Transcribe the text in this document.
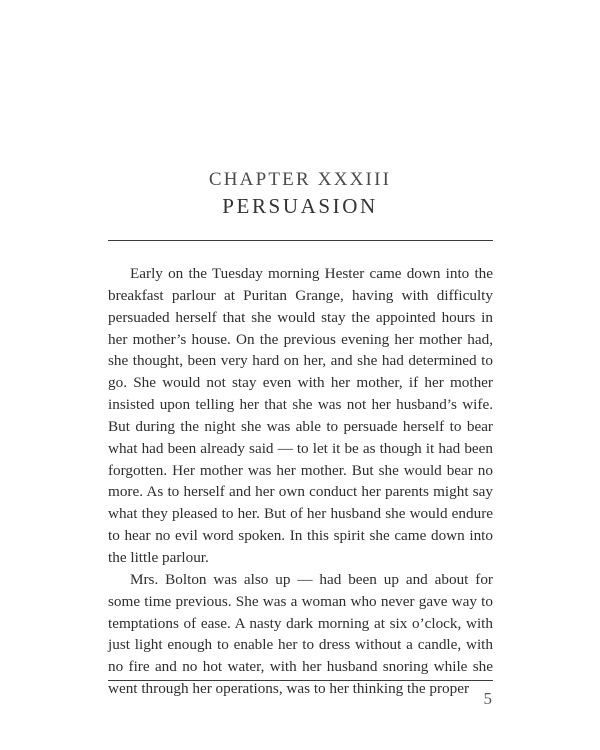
CHAPTER XXXIII
PERSUASION

Early on the Tuesday morning Hester came down into the breakfast parlour at Puritan Grange, having with difficulty persuaded herself that she would stay the appointed hours in her mother’s house. On the previous evening her mother had, she thought, been very hard on her, and she had determined to go. She would not stay even with her mother, if her mother insisted upon telling her that she was not her husband’s wife. But during the night she was able to persuade herself to bear what had been already said — to let it be as though it had been forgotten. Her mother was her mother. But she would bear no more. As to herself and her own conduct her parents might say what they pleased to her. But of her husband she would endure to hear no evil word spoken. In this spirit she came down into the little parlour.

Mrs. Bolton was also up — had been up and about for some time previous. She was a woman who never gave way to temptations of ease. A nasty dark morning at six o’clock, with just light enough to enable her to dress without a candle, with no fire and no hot water, with her husband snoring while she went through her operations, was to her thinking the proper

5
